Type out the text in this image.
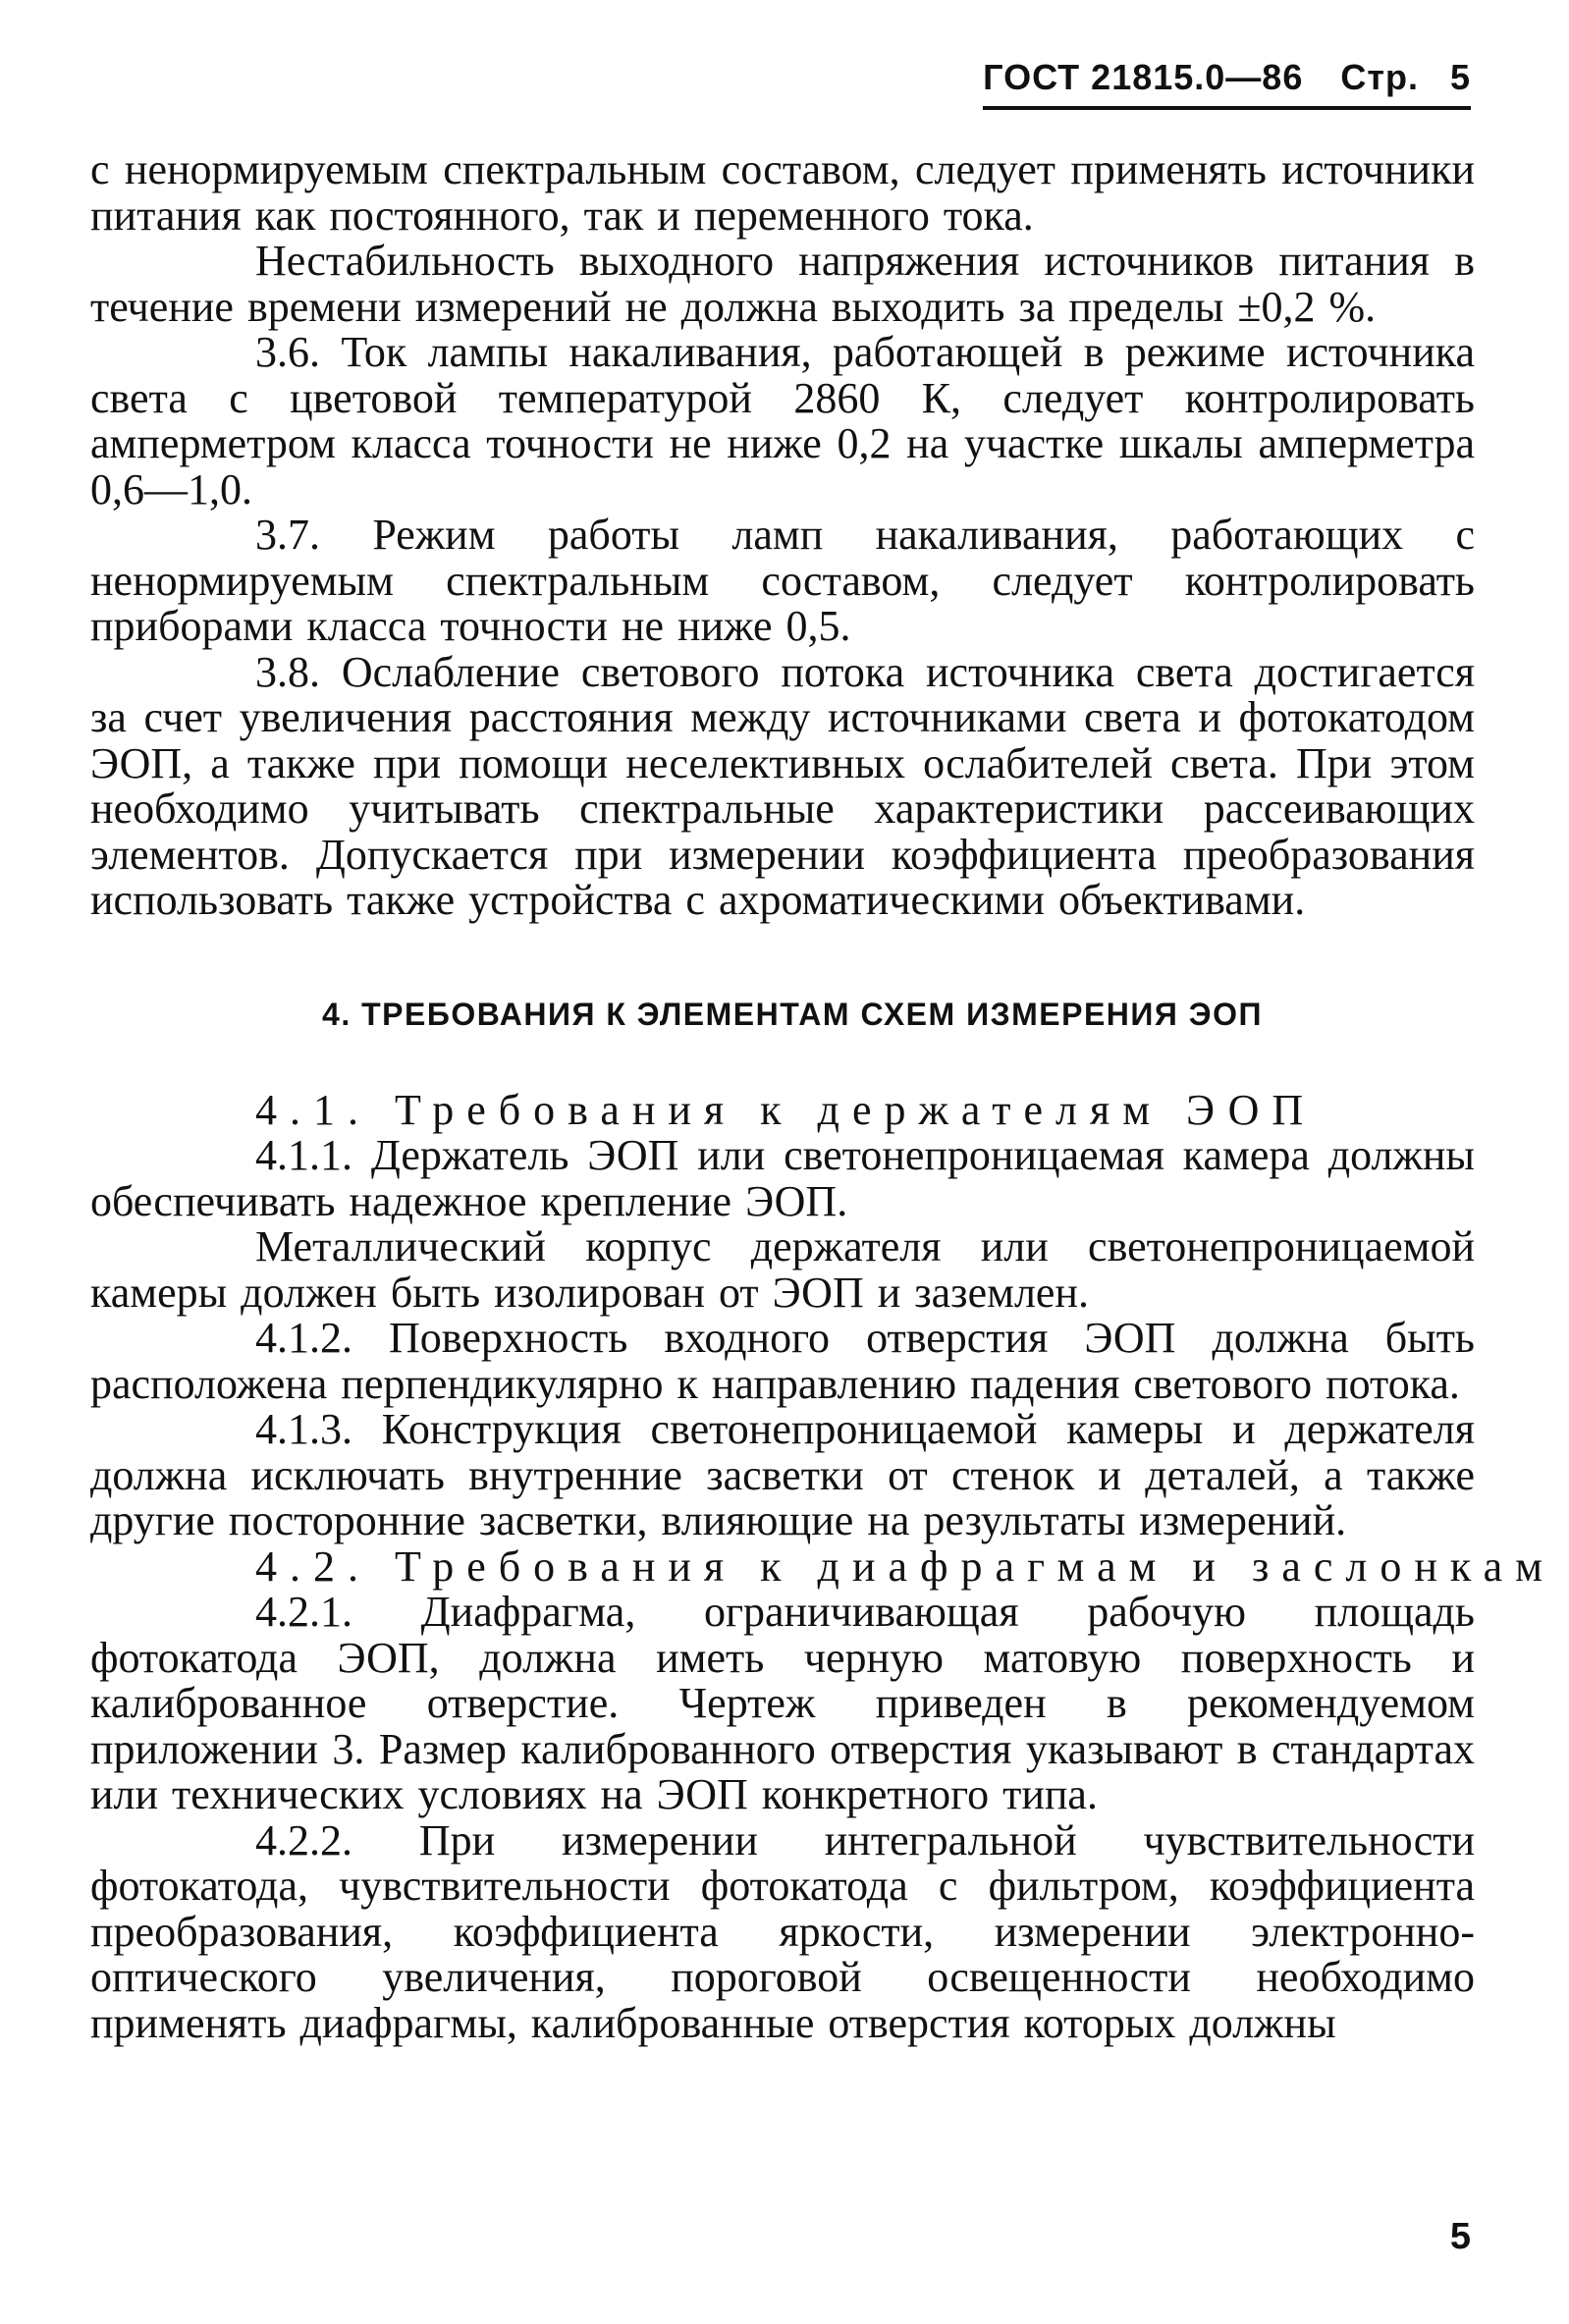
ГОСТ 21815.0—86 Стр. 5

с ненормируемым спектральным составом, следует применять источники питания как постоянного, так и переменного тока.

Нестабильность выходного напряжения источников питания в течение времени измерений не должна выходить за пределы ±0,2 %.

3.6. Ток лампы накаливания, работающей в режиме источника света с цветовой температурой 2860 К, следует контролировать амперметром класса точности не ниже 0,2 на участке шкалы амперметра 0,6—1,0.

3.7. Режим работы ламп накаливания, работающих с ненормируемым спектральным составом, следует контролировать приборами класса точности не ниже 0,5.

3.8. Ослабление светового потока источника света достигается за счет увеличения расстояния между источниками света и фотокатодом ЭОП, а также при помощи неселективных ослабителей света. При этом необходимо учитывать спектральные характеристики рассеивающих элементов. Допускается при измерении коэффициента преобразования использовать также устройства с ахроматическими объективами.

4. ТРЕБОВАНИЯ К ЭЛЕМЕНТАМ СХЕМ ИЗМЕРЕНИЯ ЭОП

4.1. Требования к держателям ЭОП

4.1.1. Держатель ЭОП или светонепроницаемая камера должны обеспечивать надежное крепление ЭОП.

Металлический корпус держателя или светонепроницаемой камеры должен быть изолирован от ЭОП и заземлен.

4.1.2. Поверхность входного отверстия ЭОП должна быть расположена перпендикулярно к направлению падения светового потока.

4.1.3. Конструкция светонепроницаемой камеры и держателя должна исключать внутренние засветки от стенок и деталей, а также другие посторонние засветки, влияющие на результаты измерений.

4.2. Требования к диафрагмам и заслонкам

4.2.1. Диафрагма, ограничивающая рабочую площадь фотокатода ЭОП, должна иметь черную матовую поверхность и калиброванное отверстие. Чертеж приведен в рекомендуемом приложении 3. Размер калиброванного отверстия указывают в стандартах или технических условиях на ЭОП конкретного типа.

4.2.2. При измерении интегральной чувствительности фотокатода, чувствительности фотокатода с фильтром, коэффициента преобразования, коэффициента яркости, измерении электронно-оптического увеличения, пороговой освещенности необходимо применять диафрагмы, калиброванные отверстия которых должны

5
